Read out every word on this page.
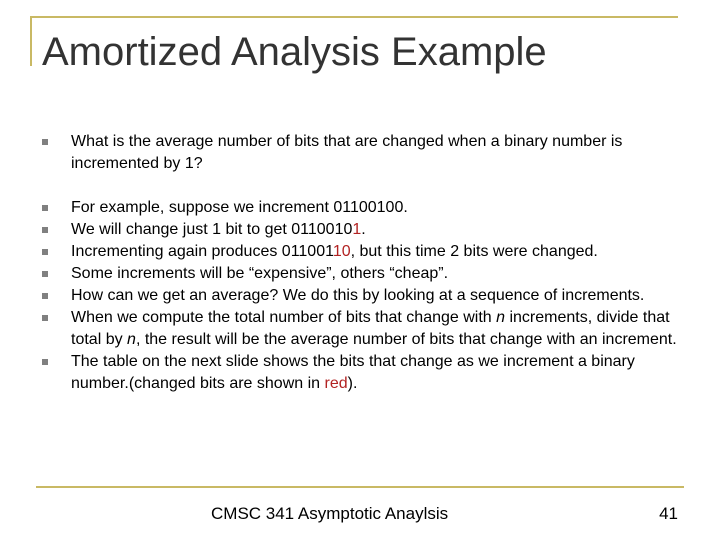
Amortized Analysis Example
What is the average number of bits that are changed when a binary number is incremented by 1?
For example, suppose we increment 01100100.
We will change just 1 bit to get 01100101.
Incrementing again produces 01100110, but this time 2 bits were changed.
Some increments will be “expensive”, others “cheap”.
How can we get an average? We do this by looking at a sequence of increments.
When we compute the total number of bits that change with n increments, divide that total by n, the result will be the average number of bits that change with an increment.
The table on the next slide shows the bits that change as we increment a binary number.(changed bits are shown in red).
CMSC 341 Asymptotic Anaylsis	41
